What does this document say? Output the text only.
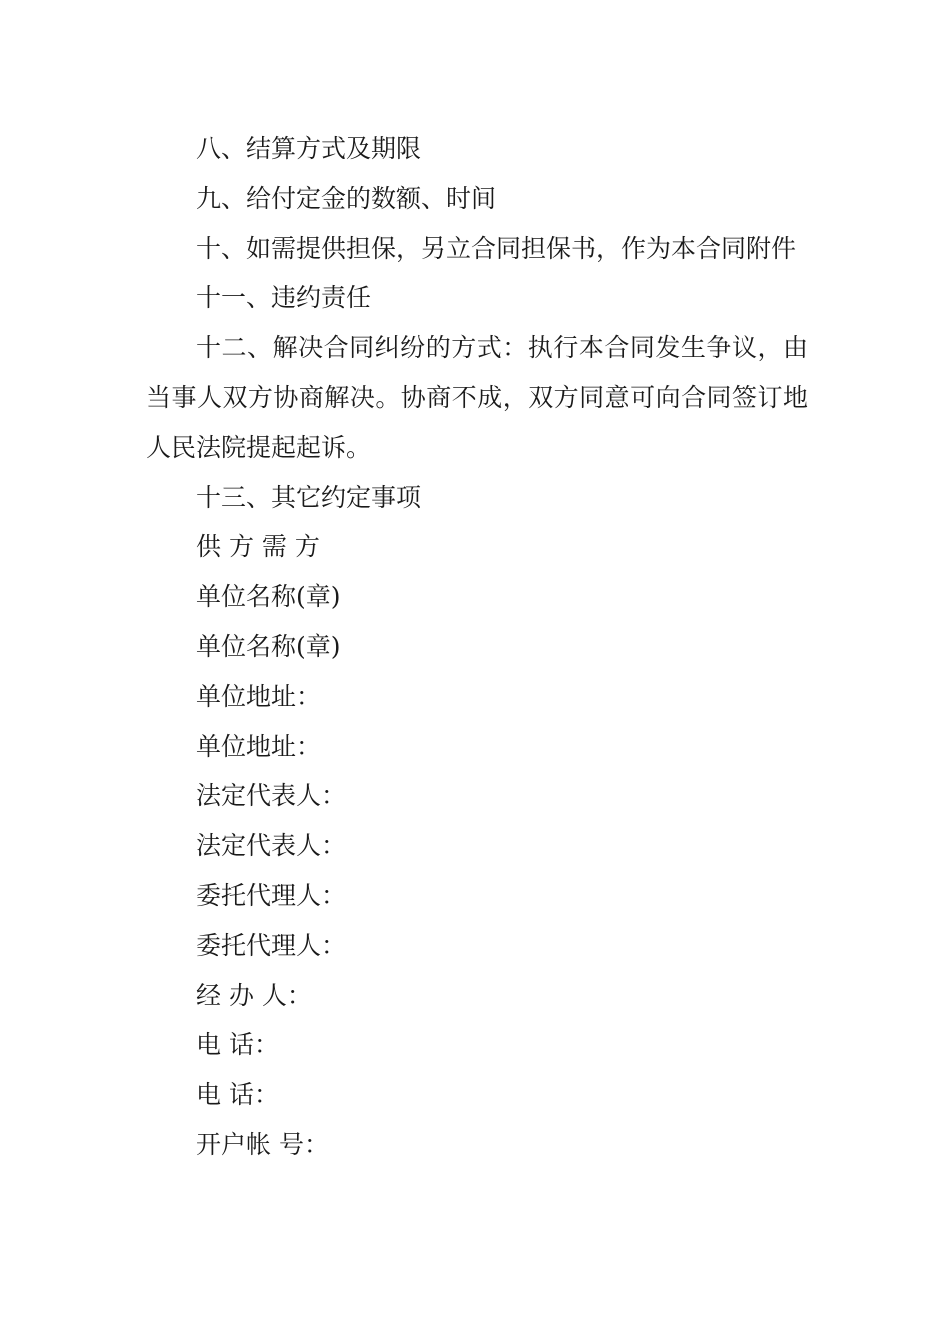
八、结算方式及期限

九、给付定金的数额、时间

十、如需提供担保，另立合同担保书，作为本合同附件

十一、违约责任

十二、解决合同纠纷的方式：执行本合同发生争议，由当事人双方协商解决。协商不成，双方同意可向合同签订地人民法院提起起诉。

十三、其它约定事项

供 方 需 方

单位名称(章)

单位名称(章)

单位地址：

单位地址：

法定代表人：

法定代表人：

委托代理人：

委托代理人：

经 办 人：

电 话：

电 话：

开户帐 号：
